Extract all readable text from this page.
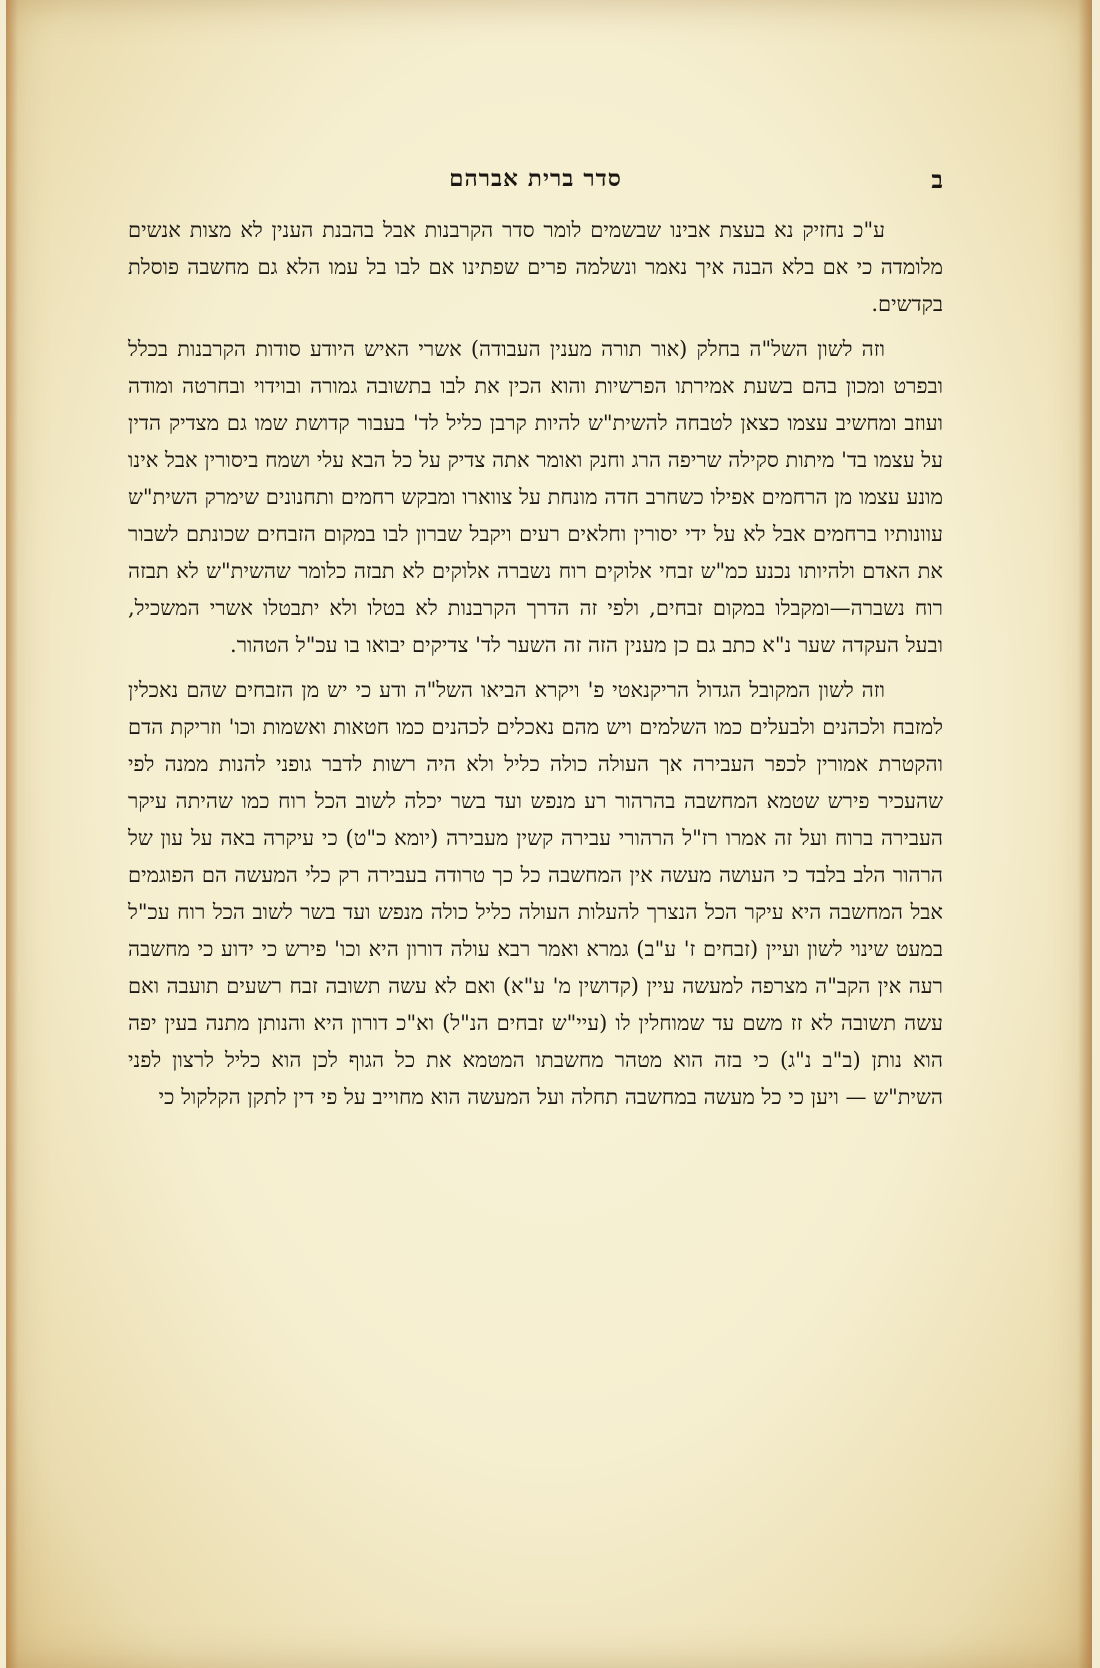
ב
סדר ברית אברהם

ע"כ נחזיק נא בעצת אבינו שבשמים לומר סדר הקרבנות אבל בהבנת הענין לא מצות אנשים מלומדה כי אם בלא הבנה איך נאמר ונשלמה פרים שפתינו אם לבו בל עמו הלא גם מחשבה פוסלת בקדשים.

וזה לשון השל"ה בחלק (אור תורה מענין העבודה) אשרי האיש היודע סודות הקרבנות בכלל ובפרט ומכון בהם בשעת אמירתו הפרשיות והוא הכין את לבו בתשובה גמורה ובוידוי ובחרטה ומודה ועוזב ומחשיב עצמו כצאן לטבחה להשית"ש להיות קרבן כליל לד' בעבור קדושת שמו גם מצדיק הדין על עצמו בד' מיתות סקילה שריפה הרג וחנק ואומר אתה צדיק על כל הבא עלי ושמח ביסורין אבל אינו מונע עצמו מן הרחמים אפילו כשחרב חדה מונחת על צווארו ומבקש רחמים ותחנונים שימרק השית"ש עוונותיו ברחמים אבל לא על ידי יסורין וחלאים רעים ויקבל שברון לבו במקום הזבחים שכונתם לשבור את האדם ולהיותו נכנע כמ"ש זבחי אלוקים רוח נשברה אלוקים לא תבזה כלומר שהשית"ש לא תבזה רוח נשברה—ומקבלו במקום זבחים, ולפי זה הדרך הקרבנות לא בטלו ולא יתבטלו אשרי המשכיל, ובעל העקדה שער נ"א כתב גם כן מענין הזה זה השער לד' צדיקים יבואו בו עכ"ל הטהור.

וזה לשון המקובל הגדול הריקנאטי פ' ויקרא הביאו השל"ה ודע כי יש מן הזבחים שהם נאכלין למזבח ולכהנים ולבעלים כמו השלמים ויש מהם נאכלים לכהנים כמו חטאות ואשמות וכו' וזריקת הדם והקטרת אמורין לכפר העבירה אך העולה כולה כליל ולא היה רשות לדבר גופני להנות ממנה לפי שהעכיר פירש שטמא המחשבה בהרהור רע מנפש ועד בשר יכלה לשוב הכל רוח כמו שהיתה עיקר העבירה ברוח ועל זה אמרו רז"ל הרהורי עבירה קשין מעבירה (יומא כ"ט) כי עיקרה באה על עון של הרהור הלב בלבד כי העושה מעשה אין המחשבה כל כך טרודה בעבירה רק כלי המעשה הם הפוגמים אבל המחשבה היא עיקר הכל הנצרך להעלות העולה כליל כולה מנפש ועד בשר לשוב הכל רוח עכ"ל במעט שינוי לשון ועיין (זבחים ז' ע"ב) גמרא ואמר רבא עולה דורון היא וכו' פירש כי ידוע כי מחשבה רעה אין הקב"ה מצרפה למעשה עיין (קדושין מ' ע"א) ואם לא עשה תשובה זבח רשעים תועבה ואם עשה תשובה לא זז משם עד שמוחלין לו (עיי"ש זבחים הנ"ל) וא"כ דורון היא והנותן מתנה בעין יפה הוא נותן (ב"ב נ"ג) כי בזה הוא מטהר מחשבתו המטמא את כל הגוף לכן הוא כליל לרצון לפני השית"ש — ויען כי כל מעשה במחשבה תחלה ועל המעשה הוא מחוייב על פי דין לתקן הקלקול כי
